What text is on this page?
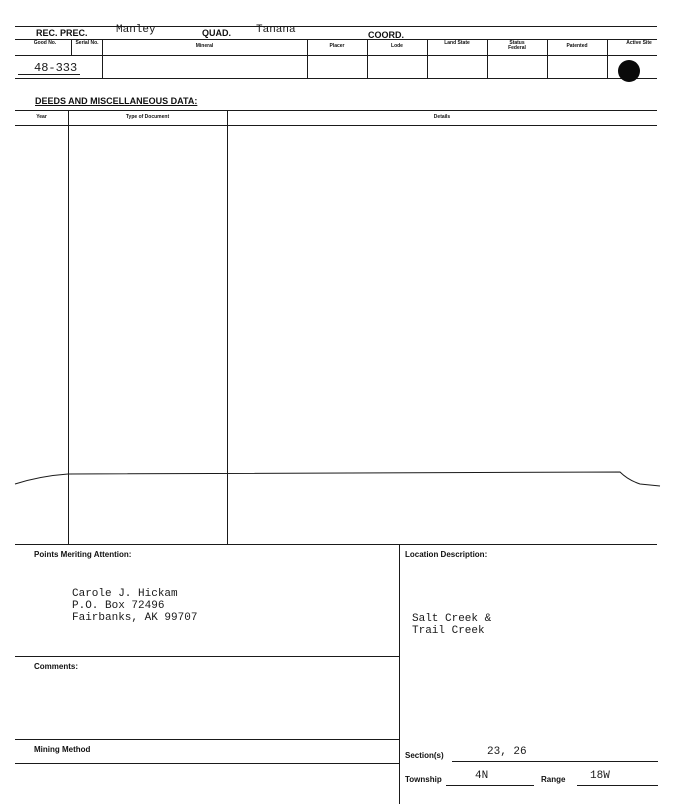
REC. PREC.	Manley	QUAD. Tanana	COORD.
Good No.	Serial No.	Mineral	Placer	Lode	Land State	Status Federal	Patented	Active Site
48-333
DEEDS AND MISCELLANEOUS DATA:
Year	Type of Document	Details
Points Meriting Attention:
Carole J. Hickam
P.O. Box 72496
Fairbanks, AK 99707
Location Description:
Salt Creek &
Trail Creek
Comments:
Mining Method
Section(s)	23, 26
Township	4N	Range 18W
